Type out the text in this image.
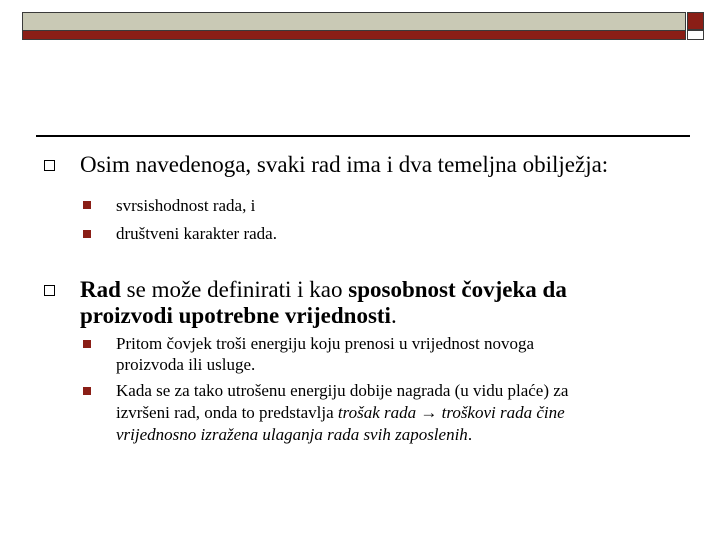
Osim navedenoga, svaki rad ima i dva temeljna obilježja:
svrsishodnost rada, i
društveni karakter rada.
Rad se može definirati i kao sposobnost čovjeka da
proizvodi upotrebne vrijednosti.
Pritom čovjek troši energiju koju prenosi u vrijednost novoga
proizvoda ili usluge.
Kada se za tako utrošenu energiju dobije nagrada (u vidu plaće) za
izvršeni rad, onda to predstavlja trošak rada → troškovi rada čine
vrijednosno izražena ulaganja rada svih zaposlenih.
